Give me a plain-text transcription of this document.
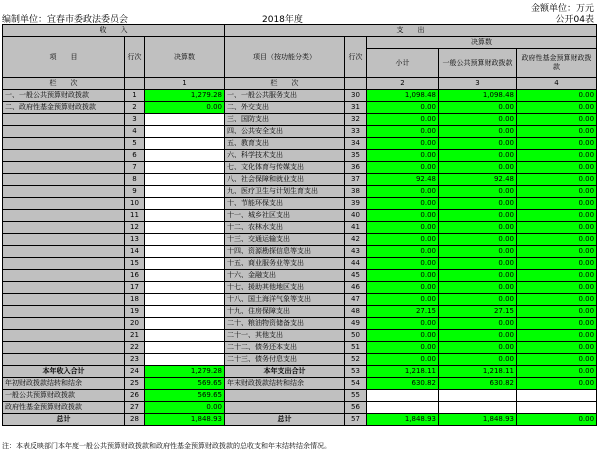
金额单位：万元
公开04表
编制单位：宜春市委政法委员会	2018年度
收　　入			支　　出				
项　　目	行次	决算数	项目（按功能分类）	行次	决算数		
					小计	一般公共预算财政拨款	政府性基金预算财政拨款
栏　　次		1	栏　　次		2	3	4
一、一般公共预算财政拨款	1	1,279.28	一、一般公共服务支出	30	1,098.48	1,098.48	0.00
二、政府性基金预算财政拨款	2	0.00	二、外交支出	31	0.00	0.00	0.00
	3		三、国防支出	32	0.00	0.00	0.00
	4		四、公共安全支出	33	0.00	0.00	0.00
	5		五、教育支出	34	0.00	0.00	0.00
	6		六、科学技术支出	35	0.00	0.00	0.00
	7		七、文化体育与传媒支出	36	0.00	0.00	0.00
	8		八、社会保障和就业支出	37	92.48	92.48	0.00
	9		九、医疗卫生与计划生育支出	38	0.00	0.00	0.00
	10		十、节能环保支出	39	0.00	0.00	0.00
	11		十一、城乡社区支出	40	0.00	0.00	0.00
	12		十二、农林水支出	41	0.00	0.00	0.00
	13		十三、交通运输支出	42	0.00	0.00	0.00
	14		十四、资源勘探信息等支出	43	0.00	0.00	0.00
	15		十五、商业服务业等支出	44	0.00	0.00	0.00
	16		十六、金融支出	45	0.00	0.00	0.00
	17		十七、援助其他地区支出	46	0.00	0.00	0.00
	18		十八、国土海洋气象等支出	47	0.00	0.00	0.00
	19		十九、住房保障支出	48	27.15	27.15	0.00
	20		二十、粮油物资储备支出	49	0.00	0.00	0.00
	21		二十一、其他支出	50	0.00	0.00	0.00
	22		二十二、债务还本支出	51	0.00	0.00	0.00
	23		二十三、债务付息支出	52	0.00	0.00	0.00
本年收入合计	24	1,279.28	本年支出合计	53	1,218.11	1,218.11	0.00
年初财政拨款结转和结余	25	569.65	年末财政拨款结转和结余	54	630.82	630.82	0.00
一般公共预算财政拨款	26	569.65		55			
政府性基金预算财政拨款	27	0.00		56			
总计	28	1,848.93	总计	57	1,848.93	1,848.93	0.00
注：本表反映部门本年度一般公共预算财政拨款和政府性基金预算财政拨款的总收支和年末结转结余情况。
